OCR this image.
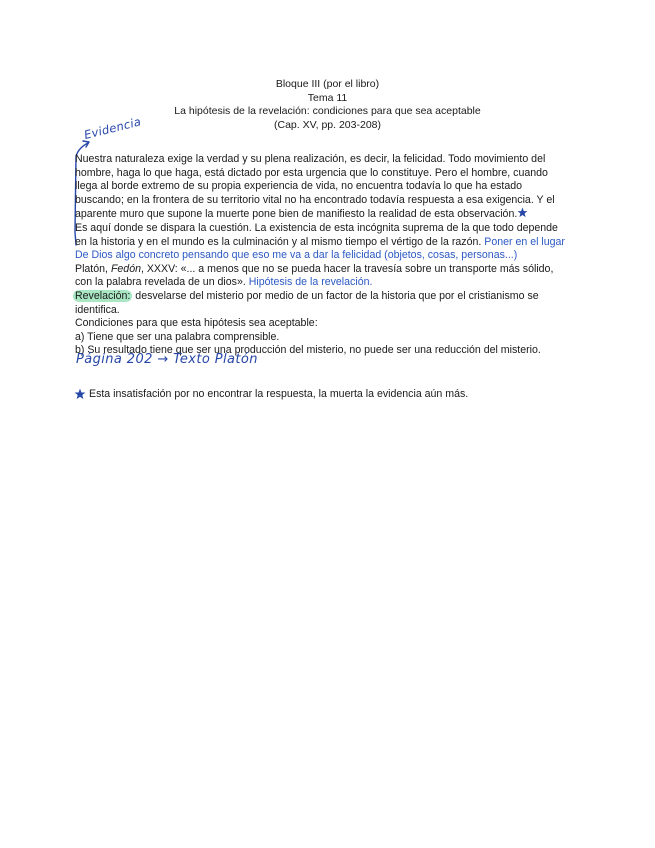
Bloque III (por el libro)
Tema 11
La hipótesis de la revelación: condiciones para que sea aceptable
(Cap. XV, pp. 203-208)
Evidencia

Nuestra naturaleza exige la verdad y su plena realización, es decir, la felicidad. Todo movimiento del hombre, haga lo que haga, está dictado por esta urgencia que lo constituye. Pero el hombre, cuando llega al borde extremo de su propia experiencia de vida, no encuentra todavía lo que ha estado buscando; en la frontera de su territorio vital no ha encontrado todavía respuesta a esa exigencia. Y el aparente muro que supone la muerte pone bien de manifiesto la realidad de esta observación.

Es aquí donde se dispara la cuestión. La existencia de esta incógnita suprema de la que todo depende en la historia y en el mundo es la culminación y al mismo tiempo el vértigo de la razón. Poner en el lugar De Dios algo concreto pensando que eso me va a dar la felicidad (objetos, cosas, personas...)

Platón, Fedón, XXXV: «... a menos que no se pueda hacer la travesía sobre un transporte más sólido, con la palabra revelada de un dios». Hipótesis de la revelación.

Revelación: desvelarse del misterio por medio de un factor de la historia que por el cristianismo se identifica.

Condiciones para que esta hipótesis sea aceptable:

a) Tiene que ser una palabra comprensible.

b) Su resultado tiene que ser una producción del misterio, no puede ser una reducción del misterio.

Página 202 → Texto Platón
Esta insatisfación por no encontrar la respuesta, la muerta la evidencia aún más.
